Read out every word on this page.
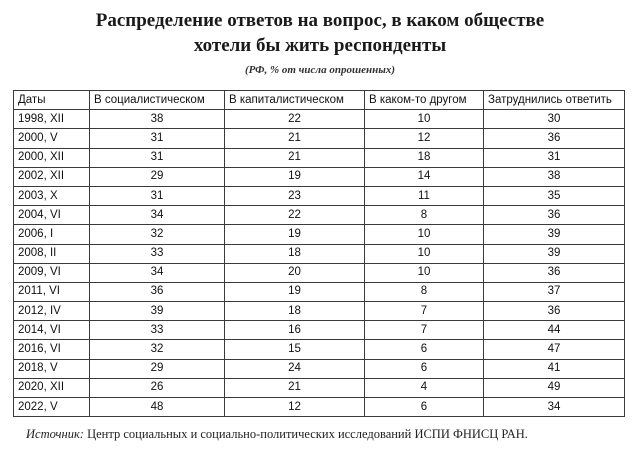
Распределение ответов на вопрос, в каком обществе
хотели бы жить респонденты
(РФ, % от числа опрошенных)
Даты	В социалистическом	В капиталистическом	В каком-то другом	Затруднились ответить
1998, XII	38	22	10	30
2000, V	31	21	12	36
2000, XII	31	21	18	31
2002, XII	29	19	14	38
2003, X	31	23	11	35
2004, VI	34	22	8	36
2006, I	32	19	10	39
2008, II	33	18	10	39
2009, VI	34	20	10	36
2011, VI	36	19	8	37
2012, IV	39	18	7	36
2014, VI	33	16	7	44
2016, VI	32	15	6	47
2018, V	29	24	6	41
2020, XII	26	21	4	49
2022, V	48	12	6	34
Источник: Центр социальных и социально-политических исследований ИСПИ ФНИСЦ РАН.
